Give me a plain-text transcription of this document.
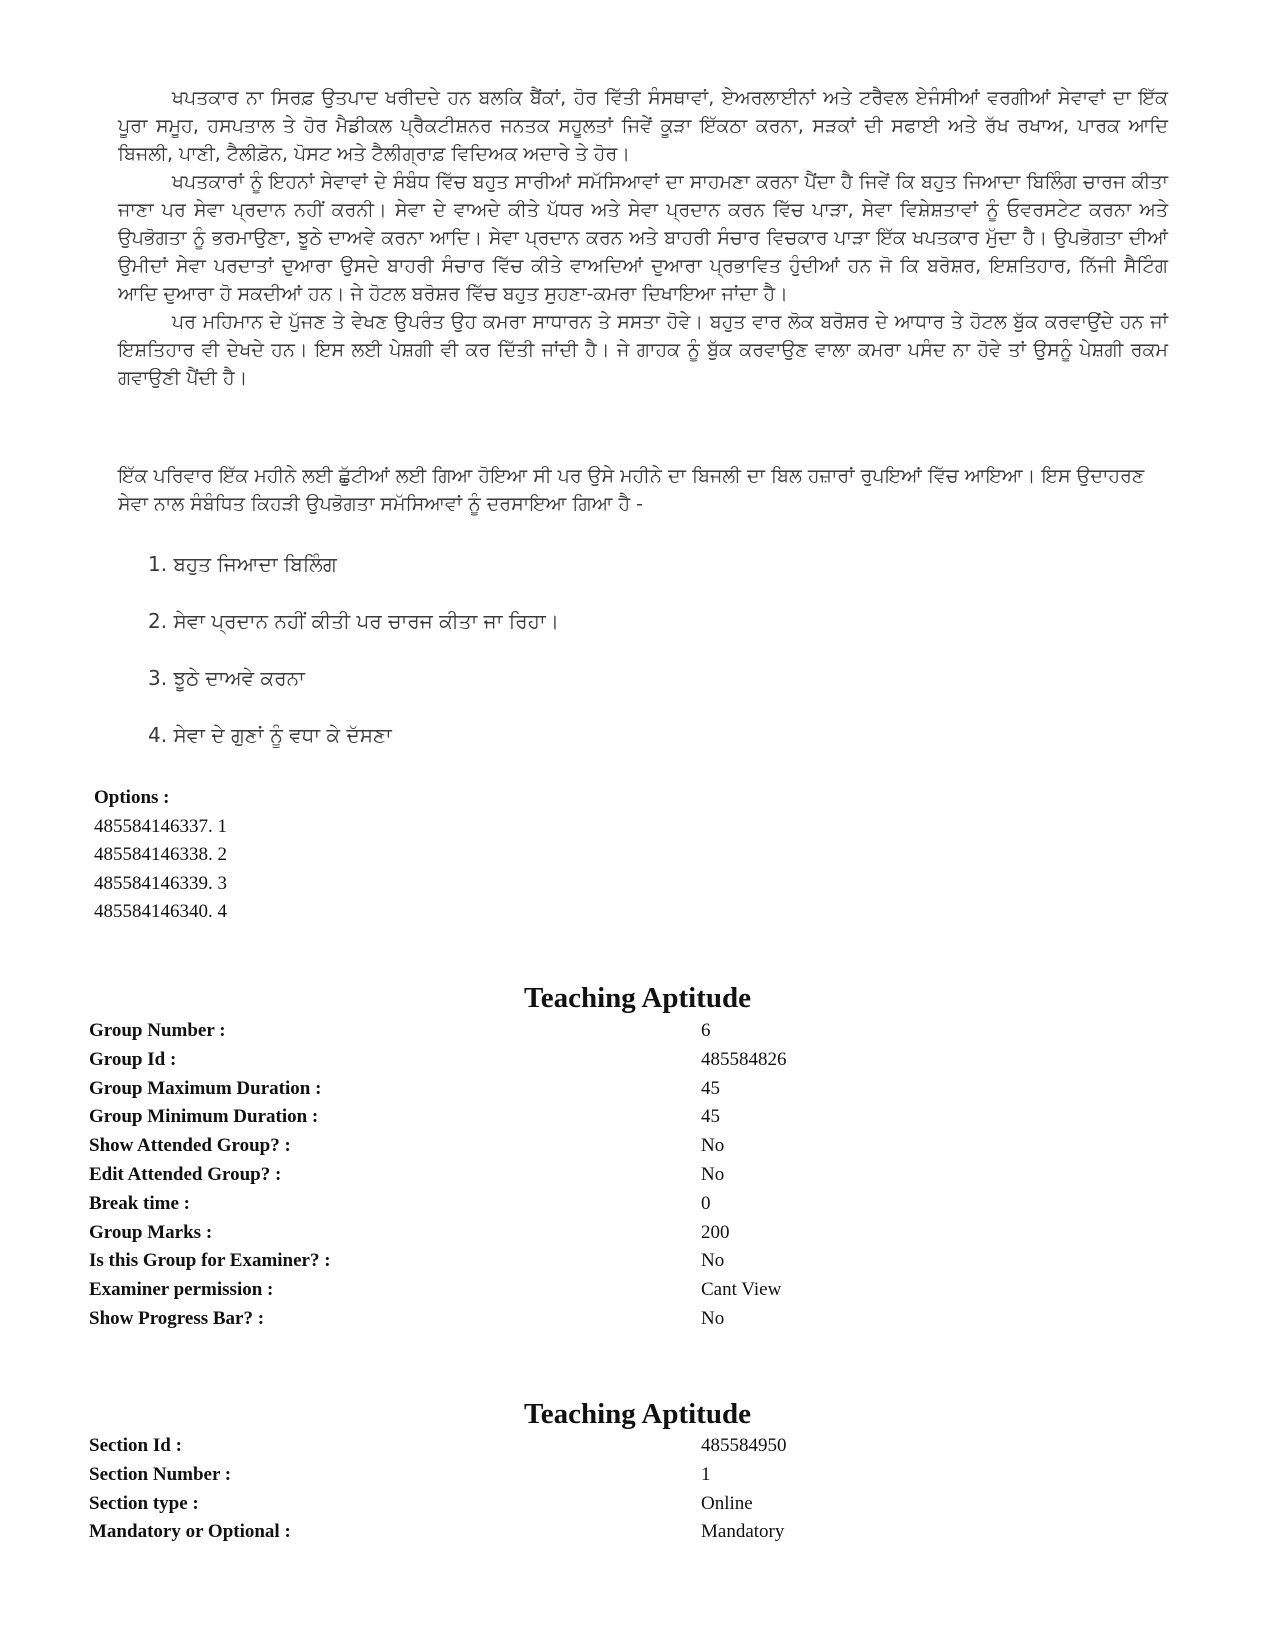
ਖਪਤਕਾਰ ਨਾ ਸਿਰਫ਼ ਉਤਪਾਦ ਖਰੀਦਦੇ ਹਨ ਬਲਕਿ ਬੈਂਕਾਂ, ਹੋਰ ਵਿੱਤੀ ਸੰਸਥਾਵਾਂ, ਏਅਰਲਾਈਨਾਂ ਅਤੇ ਟਰੈਵਲ ਏਜੰਸੀਆਂ ਵਰਗੀਆਂ ਸੇਵਾਵਾਂ ਦਾ ਇੱਕ ਪੂਰਾ ਸਮੂਹ, ਹਸਪਤਾਲ ਤੇ ਹੋਰ ਮੈਡੀਕਲ ਪ੍ਰੈਕਟੀਸ਼ਨਰ ਜਨਤਕ ਸਹੂਲਤਾਂ ਜਿਵੇਂ ਕੂੜਾ ਇੱਕਠਾ ਕਰਨਾ, ਸੜਕਾਂ ਦੀ ਸਫਾਈ ਅਤੇ ਰੱਖ ਰਖਾਅ, ਪਾਰਕ ਆਦਿ ਬਿਜਲੀ, ਪਾਣੀ, ਟੈਲੀਫ਼ੋਨ, ਪੋਸਟ ਅਤੇ ਟੈਲੀਗ੍ਰਾਫ਼ ਵਿਦਿਅਕ ਅਦਾਰੇ ਤੇ ਹੋਰ।

ਖਪਤਕਾਰਾਂ ਨੂੰ ਇਹਨਾਂ ਸੇਵਾਵਾਂ ਦੇ ਸੰਬੰਧ ਵਿੱਚ ਬਹੁਤ ਸਾਰੀਆਂ ਸਮੱਸਿਆਵਾਂ ਦਾ ਸਾਹਮਣਾ ਕਰਨਾ ਪੈਂਦਾ ਹੈ ਜਿਵੇਂ ਕਿ ਬਹੁਤ ਜਿਆਦਾ ਬਿਲਿੰਗ ਚਾਰਜ ਕੀਤਾ ਜਾਣਾ ਪਰ ਸੇਵਾ ਪ੍ਰਦਾਨ ਨਹੀਂ ਕਰਨੀ। ਸੇਵਾ ਦੇ ਵਾਅਦੇ ਕੀਤੇ ਪੱਧਰ ਅਤੇ ਸੇਵਾ ਪ੍ਰਦਾਨ ਕਰਨ ਵਿੱਚ ਪਾੜਾ, ਸੇਵਾ ਵਿਸ਼ੇਸ਼ਤਾਵਾਂ ਨੂੰ ਓਵਰਸਟੇਟ ਕਰਨਾ ਅਤੇ ਉਪਭੋਗਤਾ ਨੂੰ ਭਰਮਾਉਣਾ, ਝੂਠੇ ਦਾਅਵੇ ਕਰਨਾ ਆਦਿ। ਸੇਵਾ ਪ੍ਰਦਾਨ ਕਰਨ ਅਤੇ ਬਾਹਰੀ ਸੰਚਾਰ ਵਿਚਕਾਰ ਪਾੜਾ ਇੱਕ ਖਪਤਕਾਰ ਮੁੱਦਾ ਹੈ। ਉਪਭੋਗਤਾ ਦੀਆਂ ਉਮੀਦਾਂ ਸੇਵਾ ਪਰਦਾਤਾਂ ਦੁਆਰਾ ਉਸਦੇ ਬਾਹਰੀ ਸੰਚਾਰ ਵਿੱਚ ਕੀਤੇ ਵਾਅਦਿਆਂ ਦੁਆਰਾ ਪ੍ਰਭਾਵਿਤ ਹੁੰਦੀਆਂ ਹਨ ਜੋ ਕਿ ਬਰੋਸ਼ਰ, ਇਸ਼ਤਿਹਾਰ, ਨਿੱਜੀ ਸੈਟਿੰਗ ਆਦਿ ਦੁਆਰਾ ਹੋ ਸਕਦੀਆਂ ਹਨ। ਜੇ ਹੋਟਲ ਬਰੋਸ਼ਰ ਵਿੱਚ ਬਹੁਤ ਸੁਹਣਾ-ਕਮਰਾ ਦਿਖਾਇਆ ਜਾਂਦਾ ਹੈ।

ਪਰ ਮਹਿਮਾਨ ਦੇ ਪੁੱਜਣ ਤੇ ਵੇਖਣ ਉਪਰੰਤ ਉਹ ਕਮਰਾ ਸਾਧਾਰਨ ਤੇ ਸਸਤਾ ਹੋਵੇ। ਬਹੁਤ ਵਾਰ ਲੋਕ ਬਰੋਸ਼ਰ ਦੇ ਆਧਾਰ ਤੇ ਹੋਟਲ ਬੁੱਕ ਕਰਵਾਉਂਦੇ ਹਨ ਜਾਂ ਇਸ਼ਤਿਹਾਰ ਵੀ ਦੇਖਦੇ ਹਨ। ਇਸ ਲਈ ਪੇਸ਼ਗੀ ਵੀ ਕਰ ਦਿੱਤੀ ਜਾਂਦੀ ਹੈ। ਜੇ ਗਾਹਕ ਨੂੰ ਬੁੱਕ ਕਰਵਾਉਣ ਵਾਲਾ ਕਮਰਾ ਪਸੰਦ ਨਾ ਹੋਵੇ ਤਾਂ ਉਸਨੂੰ ਪੇਸ਼ਗੀ ਰਕਮ ਗਵਾਉਣੀ ਪੈਂਦੀ ਹੈ।

ਇੱਕ ਪਰਿਵਾਰ ਇੱਕ ਮਹੀਨੇ ਲਈ ਛੁੱਟੀਆਂ ਲਈ ਗਿਆ ਹੋਇਆ ਸੀ ਪਰ ਉਸੇ ਮਹੀਨੇ ਦਾ ਬਿਜਲੀ ਦਾ ਬਿਲ ਹਜ਼ਾਰਾਂ ਰੁਪਇਆਂ ਵਿੱਚ ਆਇਆ। ਇਸ ਉਦਾਹਰਣ ਸੇਵਾ ਨਾਲ ਸੰਬੰਧਿਤ ਕਿਹੜੀ ਉਪਭੋਗਤਾ ਸਮੱਸਿਆਵਾਂ ਨੂੰ ਦਰਸਾਇਆ ਗਿਆ ਹੈ -

1. ਬਹੁਤ ਜਿਆਦਾ ਬਿਲਿੰਗ
2. ਸੇਵਾ ਪ੍ਰਦਾਨ ਨਹੀਂ ਕੀਤੀ ਪਰ ਚਾਰਜ ਕੀਤਾ ਜਾ ਰਿਹਾ।
3. ਝੂਠੇ ਦਾਅਵੇ ਕਰਨਾ
4. ਸੇਵਾ ਦੇ ਗੁਣਾਂ ਨੂੰ ਵਧਾ ਕੇ ਦੱਸਣਾ
Options :
485584146337. 1
485584146338. 2
485584146339. 3
485584146340. 4
Teaching Aptitude
Group Number :	6
Group Id :	485584826
Group Maximum Duration :	45
Group Minimum Duration :	45
Show Attended Group? :	No
Edit Attended Group? :	No
Break time :	0
Group Marks :	200
Is this Group for Examiner? :	No
Examiner permission :	Cant View
Show Progress Bar? :	No
Teaching Aptitude
Section Id :	485584950
Section Number :	1
Section type :	Online
Mandatory or Optional :	Mandatory
